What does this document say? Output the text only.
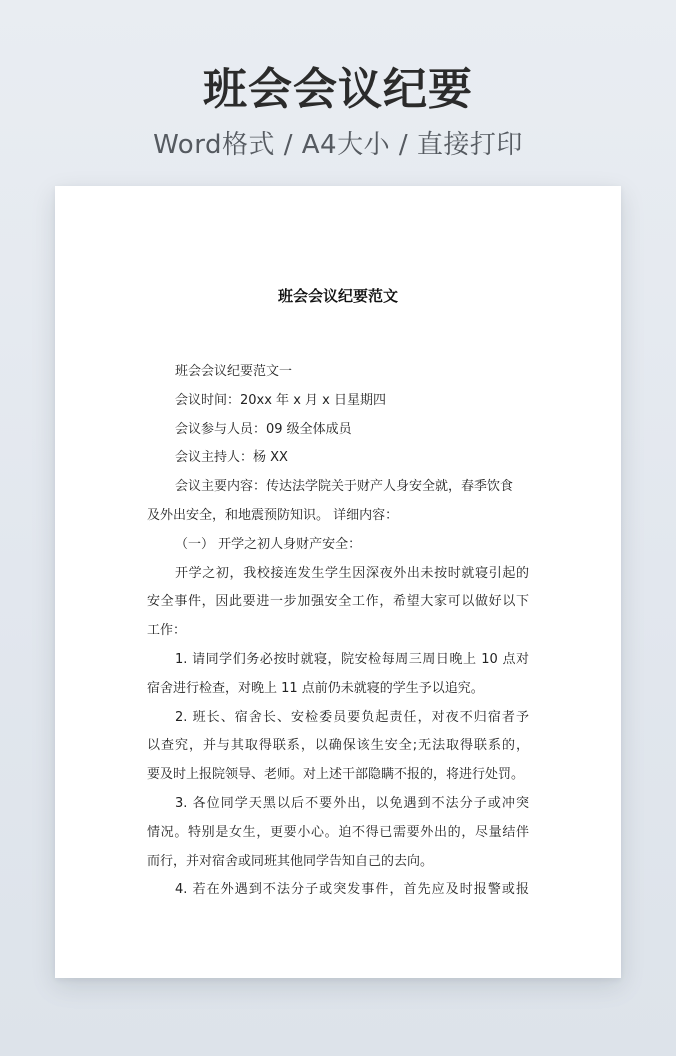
班会会议纪要
Word格式 / A4大小 / 直接打印
班会会议纪要范文
班会会议纪要范文一
会议时间：20xx 年 x 月 x 日星期四
会议参与人员：09 级全体成员
会议主持人：杨 XX
会议主要内容：传达法学院关于财产人身安全就，春季饮食
及外出安全，和地震预防知识。 详细内容：
（一） 开学之初人身财产安全：
开学之初，我校接连发生学生因深夜外出未按时就寝引起的
安全事件，因此要进一步加强安全工作，希望大家可以做好以下
工作：
1. 请同学们务必按时就寝，院安检每周三周日晚上 10 点对
宿舍进行检查，对晚上 11 点前仍未就寝的学生予以追究。
2. 班长、宿舍长、安检委员要负起责任，对夜不归宿者予
以查究，并与其取得联系，以确保该生安全;无法取得联系的，
要及时上报院领导、老师。对上述干部隐瞒不报的，将进行处罚。
3. 各位同学天黑以后不要外出，以免遇到不法分子或冲突
情况。特别是女生，更要小心。迫不得已需要外出的，尽量结伴
而行，并对宿舍或同班其他同学告知自己的去向。
4. 若在外遇到不法分子或突发事件，首先应及时报警或报
